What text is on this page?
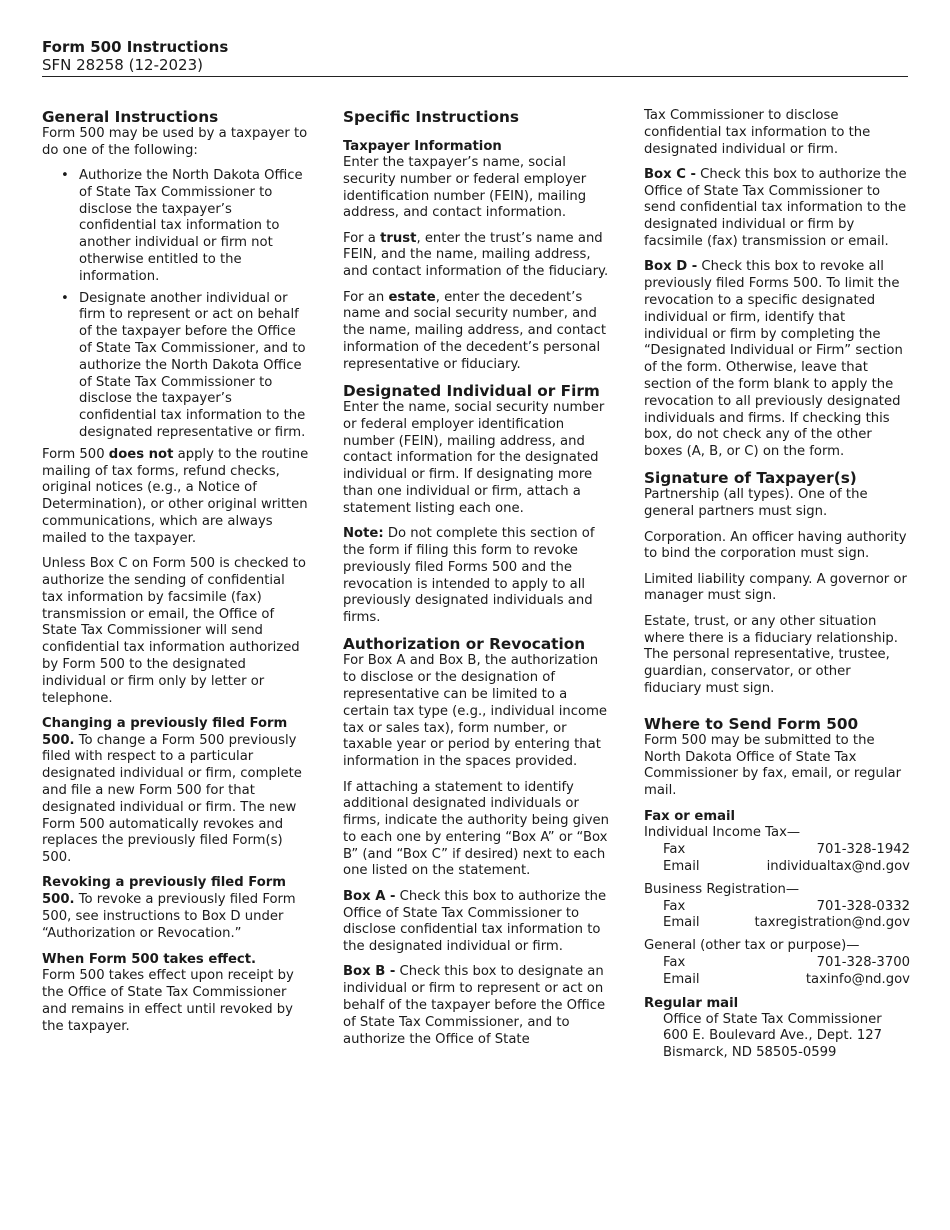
Form 500 Instructions
SFN 28258 (12-2023)
General Instructions

Form 500 may be used by a taxpayer to do one of the following:

• Authorize the North Dakota Office of State Tax Commissioner to disclose the taxpayer’s confidential tax information to another individual or firm not otherwise entitled to the information.
• Designate another individual or firm to represent or act on behalf of the taxpayer before the Office of State Tax Commissioner, and to authorize the North Dakota Office of State Tax Commissioner to disclose the taxpayer’s confidential tax information to the designated representative or firm.

Form 500 does not apply to the routine mailing of tax forms, refund checks, original notices (e.g., a Notice of Determination), or other original written communications, which are always mailed to the taxpayer.

Unless Box C on Form 500 is checked to authorize the sending of confidential tax information by facsimile (fax) transmission or email, the Office of State Tax Commissioner will send confidential tax information authorized by Form 500 to the designated individual or firm only by letter or telephone.

Changing a previously filed Form 500. To change a Form 500 previously filed with respect to a particular designated individual or firm, complete and file a new Form 500 for that designated individual or firm. The new Form 500 automatically revokes and replaces the previously filed Form(s) 500.

Revoking a previously filed Form 500. To revoke a previously filed Form 500, see instructions to Box D under “Authorization or Revocation.”

When Form 500 takes effect.

Form 500 takes effect upon receipt by the Office of State Tax Commissioner and remains in effect until revoked by the taxpayer.

Specific Instructions
Taxpayer Information

Enter the taxpayer’s name, social security number or federal employer identification number (FEIN), mailing address, and contact information.

For a trust, enter the trust’s name and FEIN, and the name, mailing address, and contact information of the fiduciary.

For an estate, enter the decedent’s name and social security number, and the name, mailing address, and contact information of the decedent’s personal representative or fiduciary.

Designated Individual or Firm

Enter the name, social security number or federal employer identification number (FEIN), mailing address, and contact information for the designated individual or firm. If designating more than one individual or firm, attach a statement listing each one.

Note: Do not complete this section of the form if filing this form to revoke previously filed Forms 500 and the revocation is intended to apply to all previously designated individuals and firms.

Authorization or Revocation

For Box A and Box B, the authorization to disclose or the designation of representative can be limited to a certain tax type (e.g., individual income tax or sales tax), form number, or taxable year or period by entering that information in the spaces provided.

If attaching a statement to identify additional designated individuals or firms, indicate the authority being given to each one by entering “Box A” or “Box B” (and “Box C” if desired) next to each one listed on the statement.

Box A - Check this box to authorize the Office of State Tax Commissioner to disclose confidential tax information to the designated individual or firm.

Box B - Check this box to designate an individual or firm to represent or act on behalf of the taxpayer before the Office of State Tax Commissioner, and to authorize the Office of State

Tax Commissioner to disclose confidential tax information to the designated individual or firm.

Box C - Check this box to authorize the Office of State Tax Commissioner to send confidential tax information to the designated individual or firm by facsimile (fax) transmission or email.

Box D - Check this box to revoke all previously filed Forms 500. To limit the revocation to a specific designated individual or firm, identify that individual or firm by completing the “Designated Individual or Firm” section of the form. Otherwise, leave that section of the form blank to apply the revocation to all previously designated individuals and firms. If checking this box, do not check any of the other boxes (A, B, or C) on the form.

Signature of Taxpayer(s)

Partnership (all types). One of the general partners must sign.

Corporation. An officer having authority to bind the corporation must sign.

Limited liability company. A governor or manager must sign.

Estate, trust, or any other situation where there is a fiduciary relationship. The personal representative, trustee, guardian, conservator, or other fiduciary must sign.

Where to Send Form 500

Form 500 may be submitted to the North Dakota Office of State Tax Commissioner by fax, email, or regular mail.

Fax or email
Individual Income Tax—
Fax	701-328-1942
Email	individualtax@nd.gov
Business Registration—
Fax	701-328-0332
Email	taxregistration@nd.gov
General (other tax or purpose)—
Fax	701-328-3700
Email	taxinfo@nd.gov
Regular mail
Office of State Tax Commissioner
600 E. Boulevard Ave., Dept. 127
Bismarck, ND 58505-0599
